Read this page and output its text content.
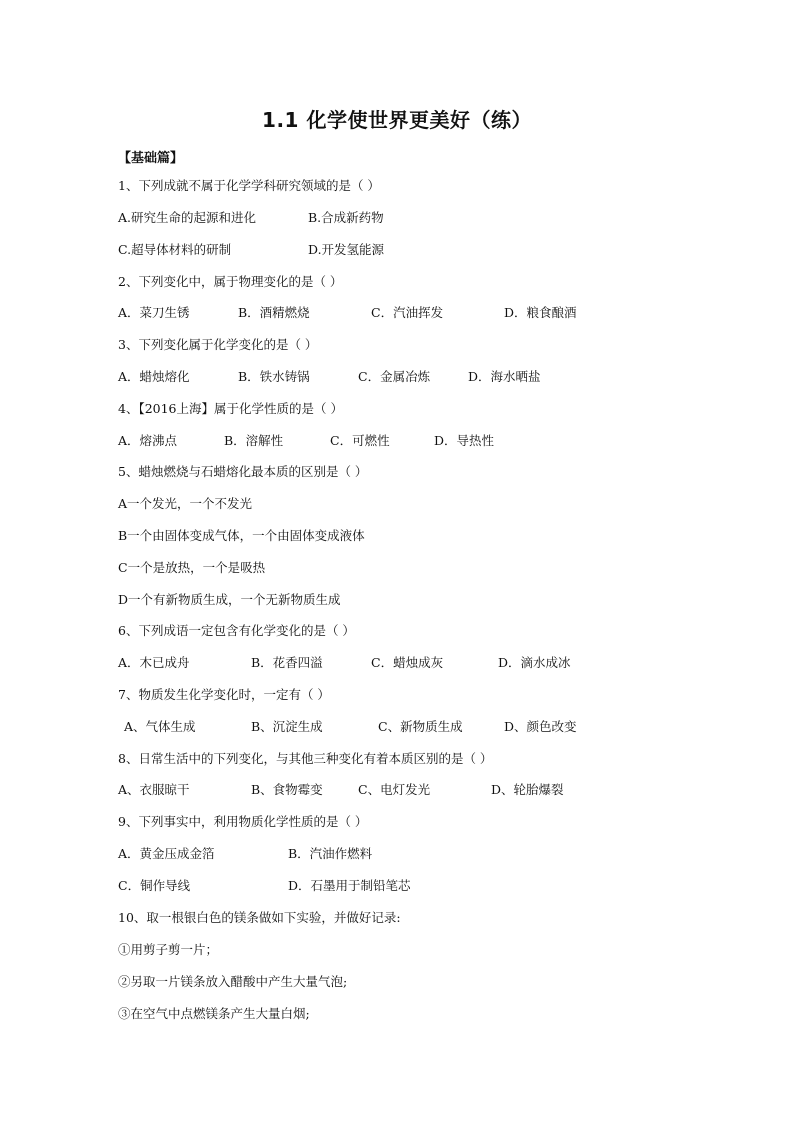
1.1 化学使世界更美好（练）
【基础篇】
1、下列成就不属于化学学科研究领域的是（ ）
A.研究生命的起源和进化	B.合成新药物
C.超导体材料的研制	D.开发氢能源
2、下列变化中，属于物理变化的是（ ）
A．菜刀生锈	B．酒精燃烧	C．汽油挥发	D．粮食酿酒
3、下列变化属于化学变化的是（ ）
A．蜡烛熔化	B．铁水铸锅	C．金属冶炼	D．海水晒盐
4、【2016上海】属于化学性质的是（ ）
A．熔沸点	B．溶解性	C．可燃性	D．导热性
5、蜡烛燃烧与石蜡熔化最本质的区别是（ ）
A一个发光，一个不发光
B一个由固体变成气体，一个由固体变成液体
C一个是放热，一个是吸热
D一个有新物质生成，一个无新物质生成
6、下列成语一定包含有化学变化的是（ ）
A．木已成舟	B．花香四溢	C．蜡烛成灰	D．滴水成冰
7、物质发生化学变化时，一定有（ ）
A、气体生成	B、沉淀生成	C、新物质生成	D、颜色改变
8、日常生活中的下列变化，与其他三种变化有着本质区别的是（ ）
A、衣服晾干	B、食物霉变	C、电灯发光	D、轮胎爆裂
9、下列事实中，利用物质化学性质的是（ ）
A．黄金压成金箔	B．汽油作燃料
C．铜作导线	D．石墨用于制铅笔芯
10、取一根银白色的镁条做如下实验，并做好记录:
①用剪子剪一片；
②另取一片镁条放入醋酸中产生大量气泡;
③在空气中点燃镁条产生大量白烟;
